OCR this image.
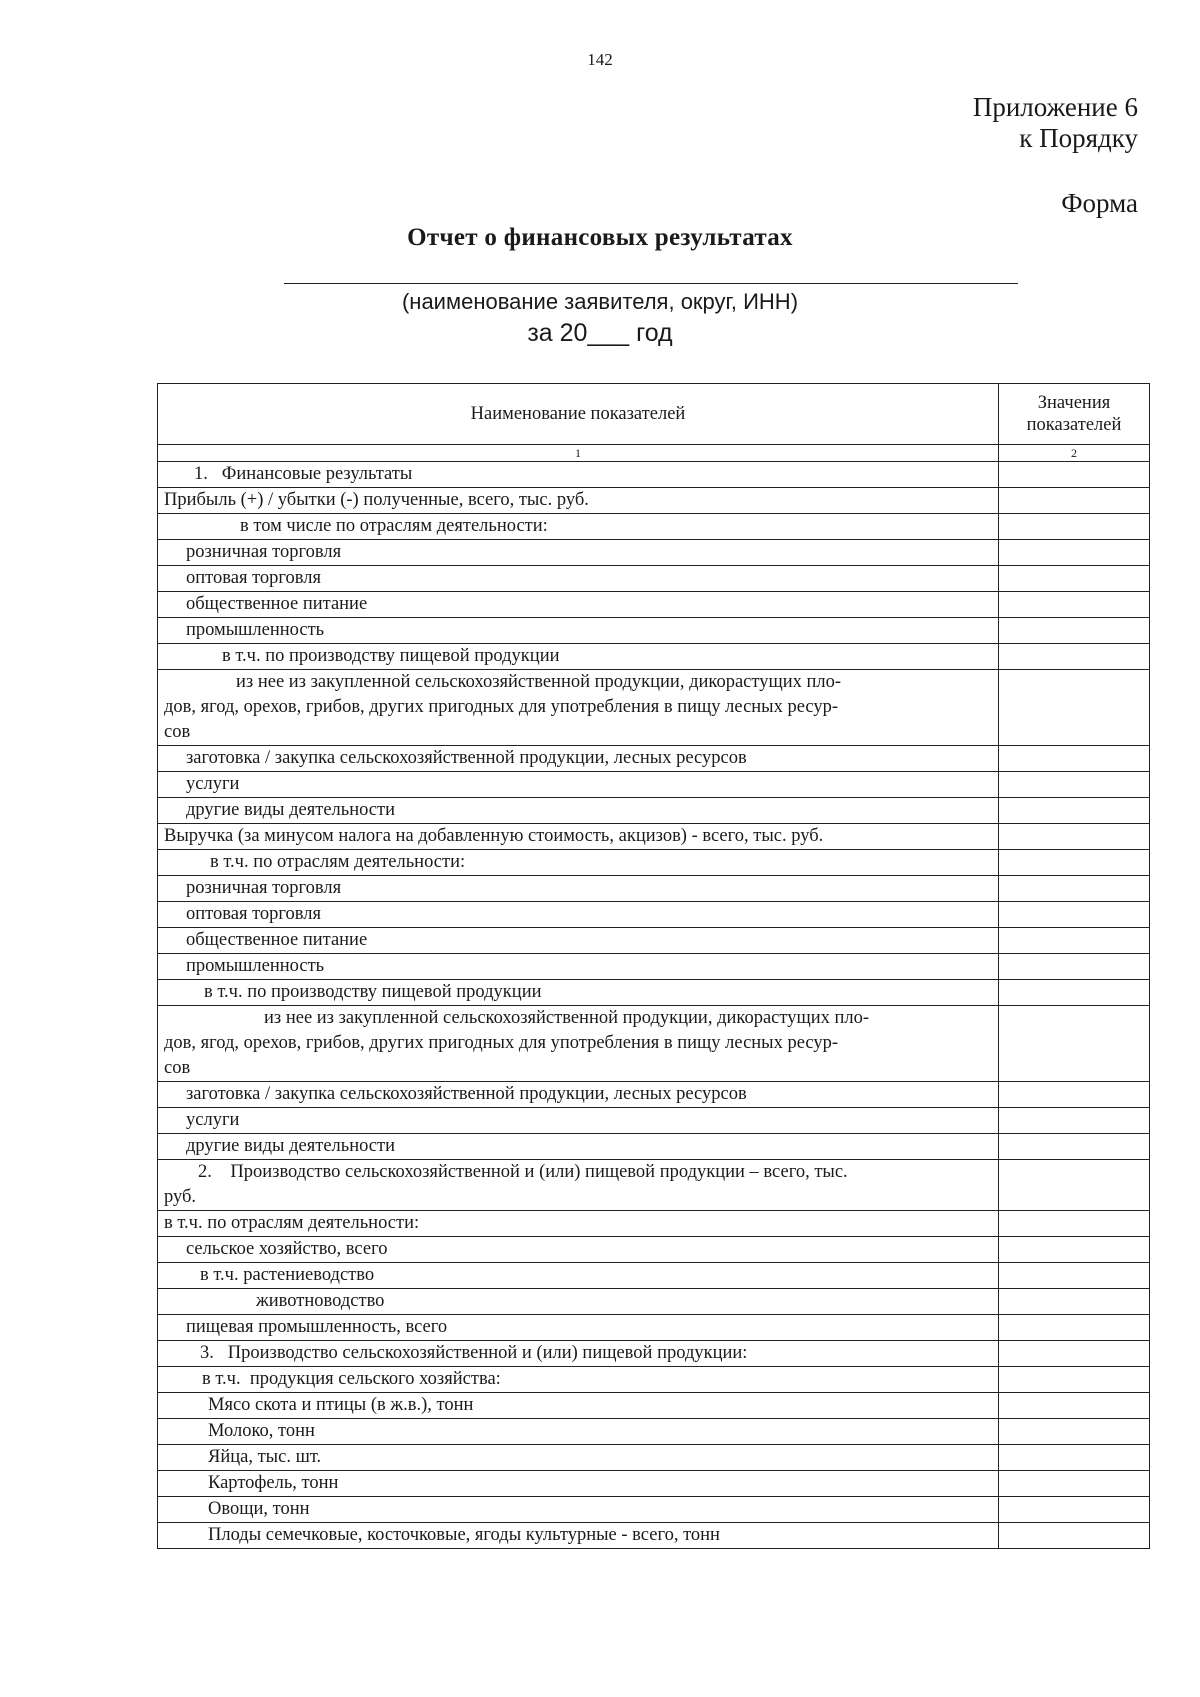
142
Приложение 6
к Порядку
Форма
Отчет о финансовых результатах
(наименование заявителя, округ, ИНН)
за 20___ год
Наименование показателей	Значения
показателей

1	2

1.   Финансовые результаты	

Прибыль (+) / убытки (-) полученные, всего, тыс. руб.	

в том числе по отраслям деятельности:	

розничная торговля	

оптовая торговля	

общественное питание	

промышленность	

в т.ч. по производству пищевой продукции	

из нее из закупленной сельскохозяйственной продукции, дикорастущих пло-
дов, ягод, орехов, грибов, других пригодных для употребления в пищу лесных ресур-
сов	

заготовка / закупка сельскохозяйственной продукции, лесных ресурсов	

услуги	

другие виды деятельности	

Выручка (за минусом налога на добавленную стоимость, акцизов) - всего, тыс. руб.	

в т.ч. по отраслям деятельности:	

розничная торговля	

оптовая торговля	

общественное питание	

промышленность	

в т.ч. по производству пищевой продукции	

из нее из закупленной сельскохозяйственной продукции, дикорастущих пло-
дов, ягод, орехов, грибов, других пригодных для употребления в пищу лесных ресур-
сов	

заготовка / закупка сельскохозяйственной продукции, лесных ресурсов	

услуги	

другие виды деятельности	

2.    Производство сельскохозяйственной и (или) пищевой продукции – всего, тыс.
руб.	

в т.ч. по отраслям деятельности:	

сельское хозяйство, всего	

в т.ч. растениеводство	

животноводство	

пищевая промышленность, всего	

3.   Производство сельскохозяйственной и (или) пищевой продукции:	

в т.ч.  продукция сельского хозяйства:	

Мясо скота и птицы (в ж.в.), тонн	

Молоко, тонн	

Яйца, тыс. шт.	

Картофель, тонн	

Овощи, тонн	

Плоды семечковые, косточковые, ягоды культурные - всего, тонн	
